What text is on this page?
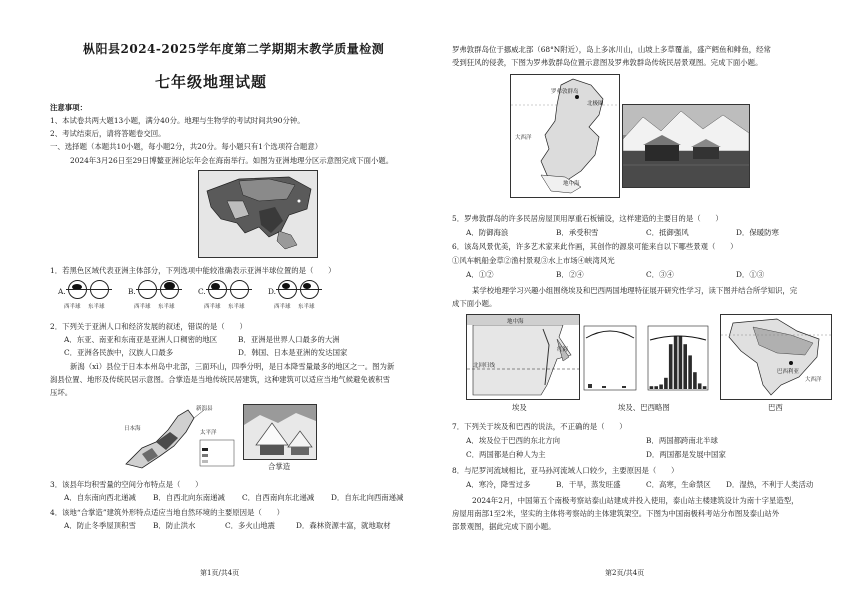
枞阳县2024-2025学年度第二学期期末教学质量检测
七年级地理试题
注意事项：
1、本试卷共两大题13小题，满分40分。地理与生物学的考试时间共90分钟。
2、考试结束后，请将答题卷交回。
一、选择题（本题共10小题，每小题2分，共20分。每小题只有1个选项符合题意）
2024年3月26日至29日博鳌亚洲论坛年会在海南举行。如图为亚洲地理分区示意图完成下面小题。
1．若黑色区域代表亚洲主体部分，下列选项中能较准确表示亚洲半球位置的是（　　）
A.
西半球 东半球
B.
西半球 东半球
C.
西半球 东半球
D.
西半球 东半球
2．下列关于亚洲人口和经济发展的叙述，错误的是（　　）
A．东亚、南亚和东南亚是亚洲人口稠密的地区	B．亚洲是世界人口最多的大洲
C．亚洲各民族中，汉族人口最多	D．韩国、日本是亚洲的发达国家
新潟（xì）县位于日本本州岛中北部，三面环山，四季分明，是日本降雪量最多的地区之一。图为新
潟县位置、地形及传统民居示意图。合掌造是当地传统民居建筑，这种建筑可以适应当地气候避免被积雪
压坏。
日本海
新潟县
太平洋
合掌造
3．该县年均积雪量的空间分布特点是（　　）
A．自东南向西北递减 B．自西北向东南递减 C．自西南向东北递减 D．自东北向西南递减
4．该地“合掌造”建筑外形特点适应当地自然环境的主要原因是（　　）
A．防止冬季屋顶积雪 B．防止洪水	C．多火山地震	D．森林资源丰富，就地取材
第1页/共4页
罗弗敦群岛位于挪威北部（68°N附近），岛上多冰川山，山坡上多草覆盖，盛产鳕鱼和鲱鱼，经常
受到狂风的侵袭，下图为罗弗敦群岛位置示意图及罗弗敦群岛传统民居景观图。完成下面小题。
罗弗敦群岛
北极圈
大西洋
地中海
5．罗弗敦群岛的许多民居房屋顶用厚重石板铺设，这样建造的主要目的是（　　）
A．防御海浪	B．承受积雪	C．抵御强风	D．保暖防寒
6．该岛风景优美，许多艺术家来此作画，其创作的源泉可能来自以下哪些景观（　　）
①风车帆船金草②渔村景观③水上市场④峡湾风光
A．①②	B．②④	C．③④	D．①③
某学校地理学习兴趣小组围绕埃及和巴西两国地理特征展开研究性学习，读下图并结合所学知识，完
成下面小题。
地中海
红海
北回归线
埃及	埃及、巴西略图
巴西利亚
大西洋
巴西
7．下列关于埃及和巴西的说法，不正确的是（　　）
A．埃及位于巴西的东北方向	B．两国都跨南北半球
C．两国都是白种人为主	D．两国都是发展中国家
8．与尼罗河流域相比，亚马孙河流域人口较少，主要原因是（　　）
A．寒冷，降雪过多	B．干旱，蒸发旺盛	C．高寒，生命禁区 D．湿热，不利于人类活动
2024年2月，中国第五个南极考察站泰山站建成并投入使用，泰山站主楼建筑设计为南十字星造型，
房屋用南部1至2米，坚实的主体将考察站的主体建筑架空。下图为中国南极科考站分布图及泰山站外
部景观图，据此完成下面小题。
第2页/共4页
